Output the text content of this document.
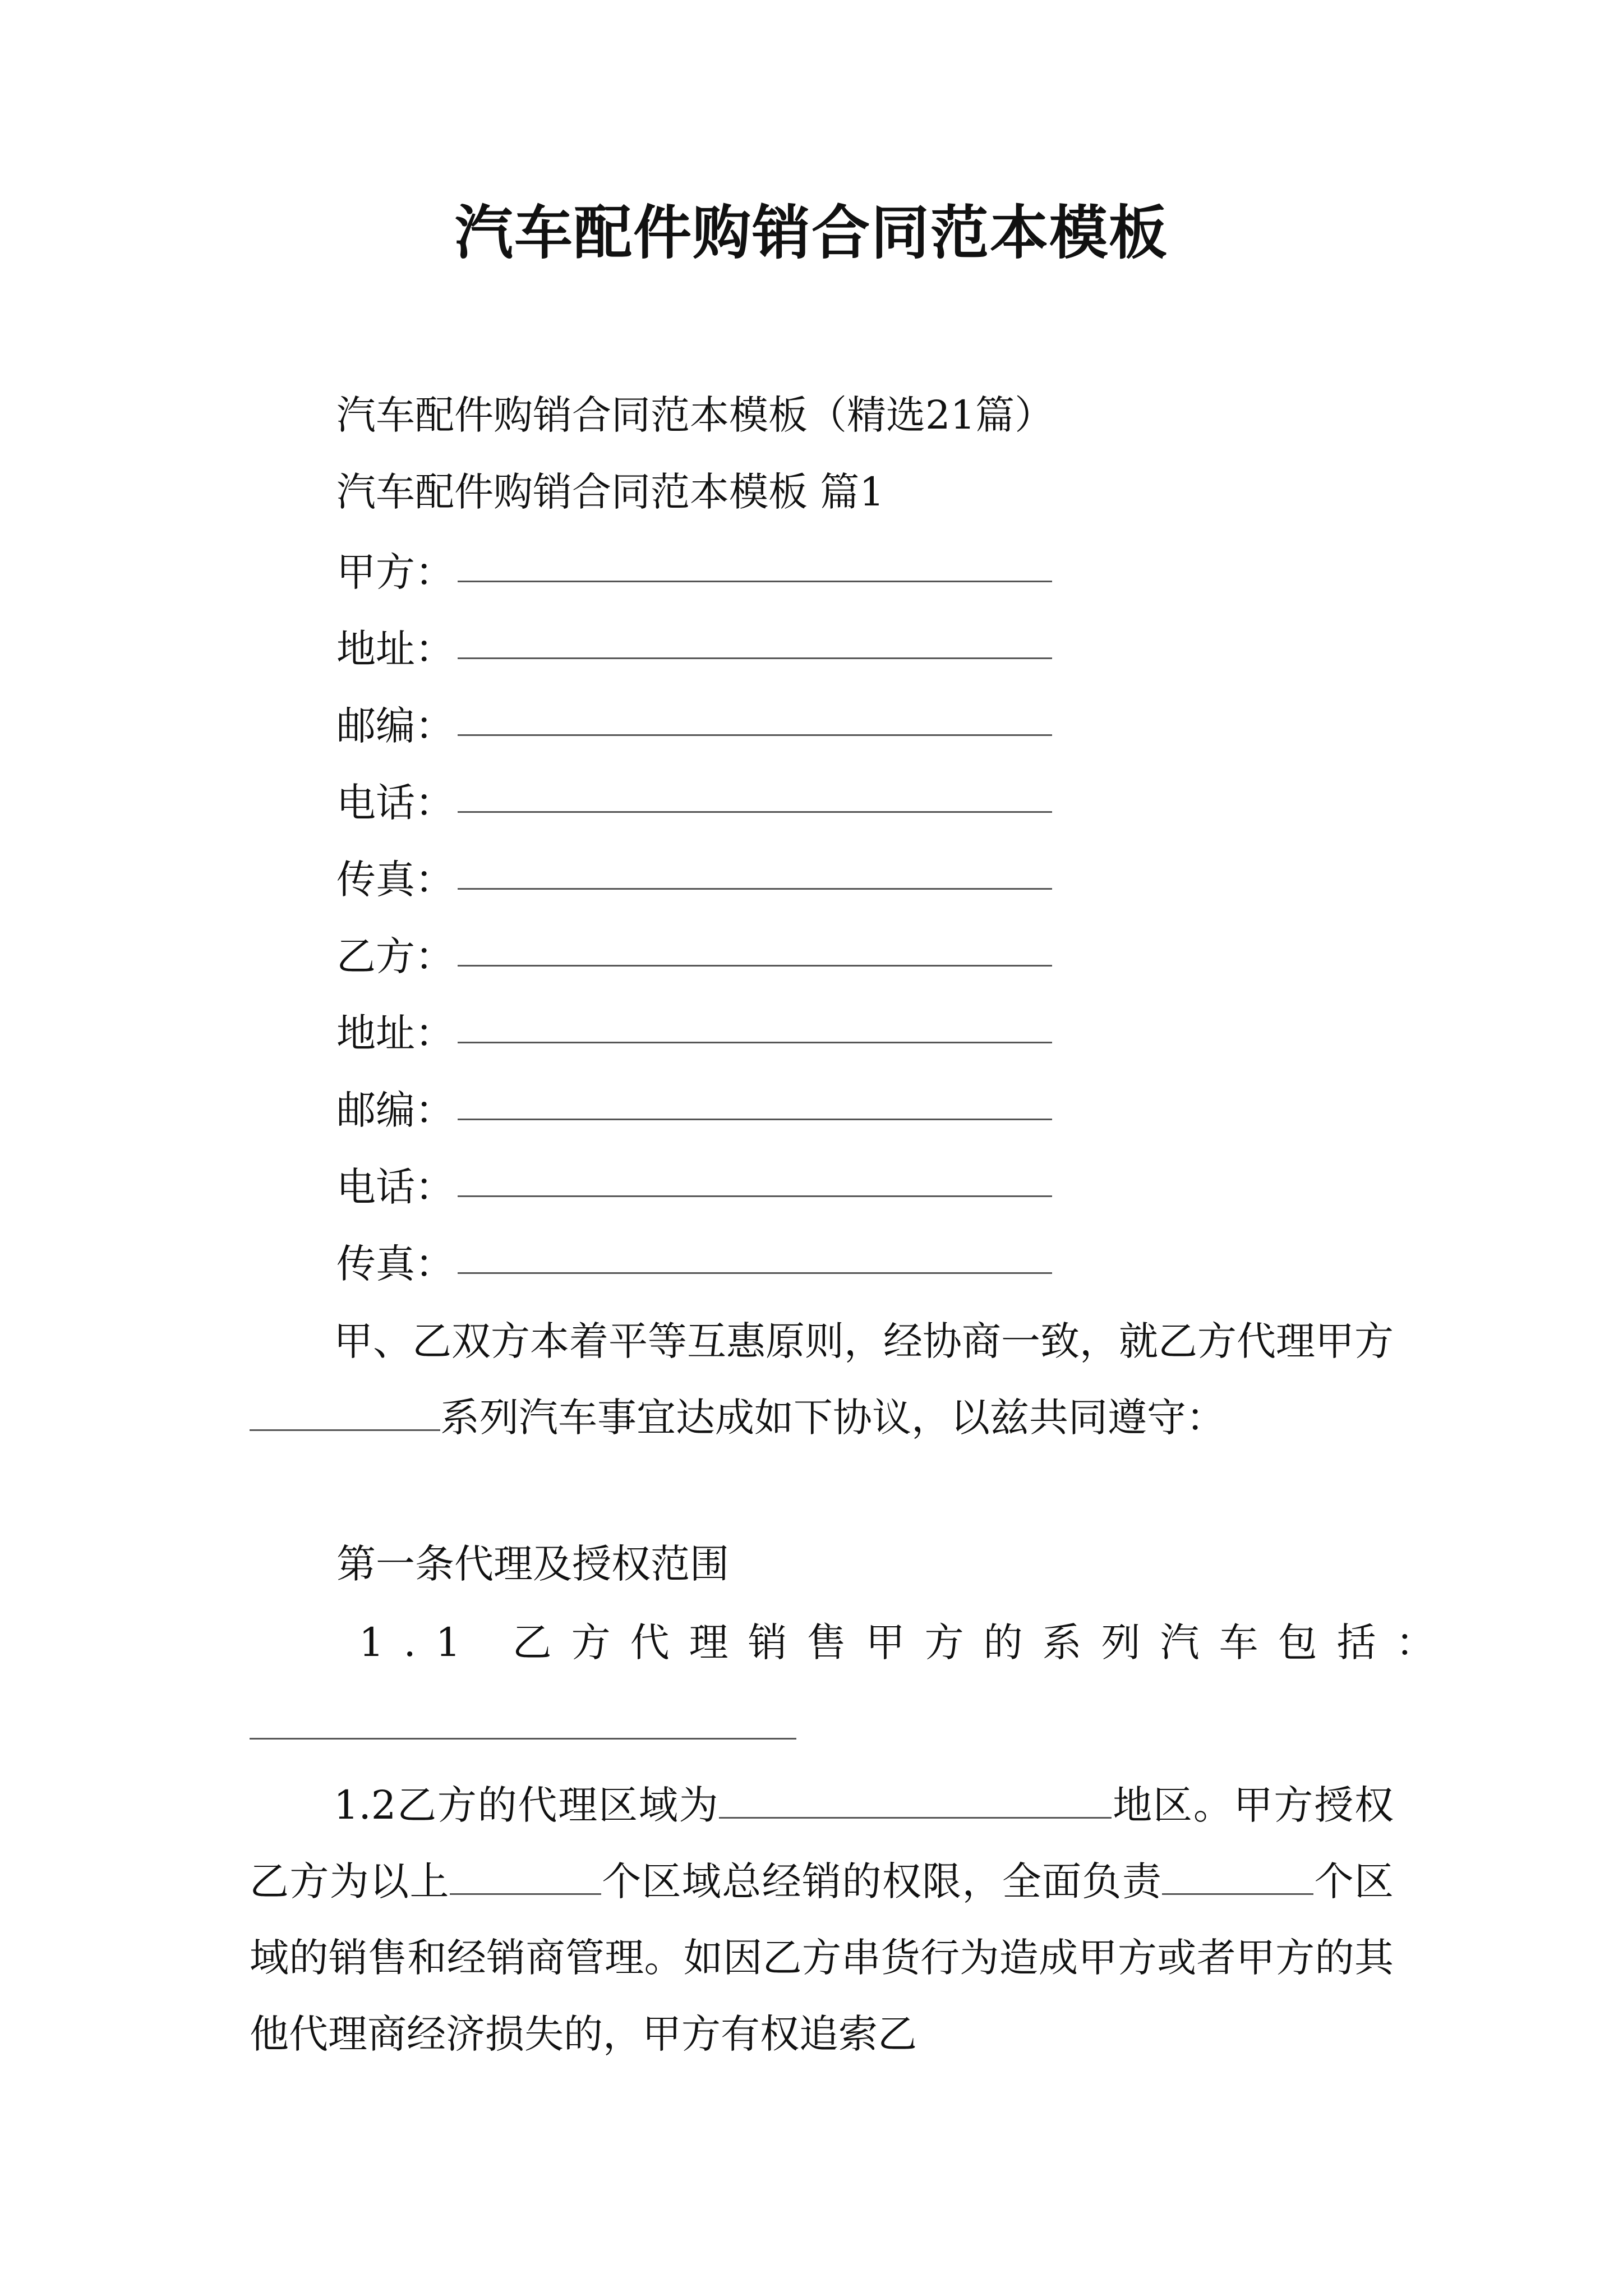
汽车配件购销合同范本模板
汽车配件购销合同范本模板（精选21篇）
汽车配件购销合同范本模板 篇1
甲方：
地址：
邮编：
电话：
传真：
乙方：
地址：
邮编：
电话：
传真：
甲、乙双方本着平等互惠原则，经协商一致，就乙方代理甲方系列汽车事宜达成如下协议，以兹共同遵守：
第一条代理及授权范围
1.1 乙方代理销售甲方的系列汽车包括：
1.2乙方的代理区域为	地区。甲方授权乙方为以上	个区域总经销的权限，全面负责	个区域的销售和经销商管理。如因乙方串货行为造成甲方或者甲方的其他代理商经济损失的，甲方有权追索乙
